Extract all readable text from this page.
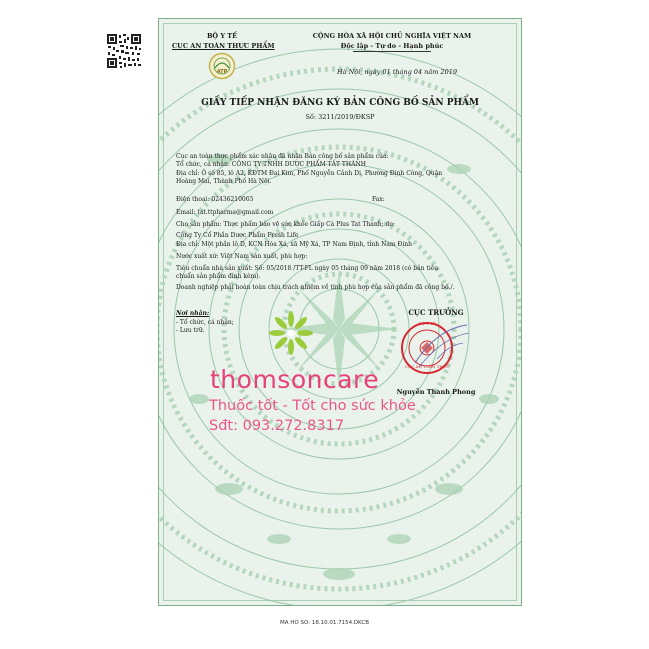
BỘ Y TẾ
CỤC AN TOÀN THỰC PHẨM
ATP
CỘNG HÒA XÃ HỘI CHỦ NGHĨA VIỆT NAM
Độc lập - Tự do - Hạnh phúc
Hà Nội, ngày 01 tháng 04 năm 2019
GIẤY TIẾP NHẬN ĐĂNG KÝ BẢN CÔNG BỐ SẢN PHẨM
Số: 3211/2019/ĐKSP
Cục an toàn thực phẩm xác nhận đã nhận Bản công bố sản phẩm của:
Tổ chức, cá nhân: CÔNG TY TNHH DƯỢC PHẨM TẤT THÀNH
Địa chỉ: Ô số 85, lô A2, KĐTM Đại Kim, Phố Nguyễn Cảnh Dị, Phường Định Công, Quận
Hoàng Mai, Thành Phố Hà Nội.
Điện thoại: 02436210065	Fax:
Email: tat.ttpharma@gmail.com
Cho sản phẩm: Thực phẩm bảo vệ sức khỏe Giấp Cá Plus Tat Thanh; do:
Công Ty Cổ Phần Dược Phẩm Fresh Life
Địa chỉ: Một phần lô D, KCN Hòa Xá, xã Mỹ Xá, TP Nam Định, tỉnh Nam Định
Nước xuất xứ: Việt Nam sản xuất, phù hợp:
Tiêu chuẩn nhà sản xuất: Số: 05/2018 /TT-FL ngày 05 tháng 09 năm 2018 (có bản tiêu
chuẩn sản phẩm đính kèm).
Doanh nghiệp phải hoàn toàn chịu trách nhiệm về tính phù hợp của sản phẩm đã công bố./.
Nơi nhận:
- Tổ chức, cá nhân;
- Lưu trữ.
CỤC TRƯỞNG
BỘ Y TẾ
CỤC AN TOÀN THỰC
Nguyễn Thanh Phong
thomsoncare
Thuốc tốt - Tốt cho sức khỏe
Sđt: 093.272.8317
MA HO SO: 18.10.01.7154.DKCB
